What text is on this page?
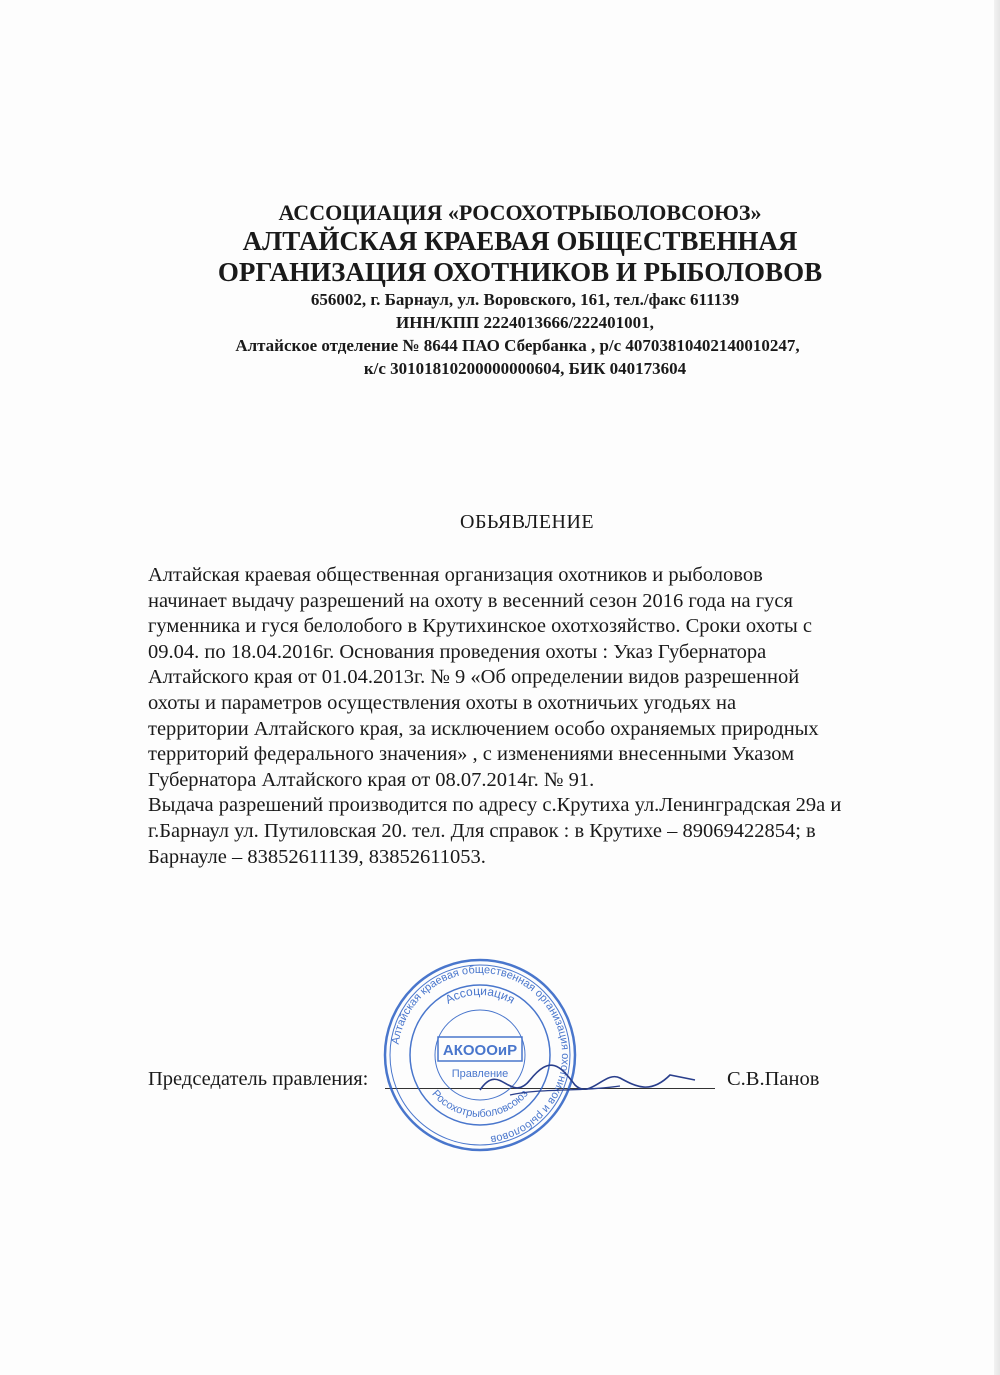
АССОЦИАЦИЯ «РОСОХОТРЫБОЛОВСОЮЗ»
АЛТАЙСКАЯ КРАЕВАЯ ОБЩЕСТВЕННАЯ
ОРГАНИЗАЦИЯ ОХОТНИКОВ И РЫБОЛОВОВ
656002, г. Барнаул, ул. Воровского, 161, тел./факс 611139
ИНН/КПП 2224013666/222401001,
Алтайское отделение № 8644 ПАО Сбербанка , р/с 40703810402140010247,
к/с 30101810200000000604, БИК 040173604
ОБЬЯВЛЕНИЕ
Алтайская краевая общественная организация охотников и рыболовов
начинает выдачу разрешений на охоту в весенний сезон 2016 года на гуся
гуменника и гуся белолобого в Крутихинское охотхозяйство. Сроки охоты с
09.04. по 18.04.2016г. Основания проведения охоты : Указ Губернатора
Алтайского края от 01.04.2013г. № 9 «Об определении видов разрешенной
охоты и параметров осуществления охоты в охотничьих угодьях на
территории Алтайского края, за исключением особо охраняемых природных
территорий федерального значения» , с изменениями внесенными Указом
Губернатора Алтайского края от 08.07.2014г. № 91.
Выдача разрешений производится по адресу с.Крутиха ул.Ленинградская 29а и
г.Барнаул ул. Путиловская 20. тел. Для справок : в Крутихе – 89069422854; в
Барнауле – 83852611139, 83852611053.
Председатель правления:
Алтайская краевая общественная организация охотников и рыболовов
Ассоциация
Росохотрыболовсоюз
АКОООиР
Правление	С.В.Панов
